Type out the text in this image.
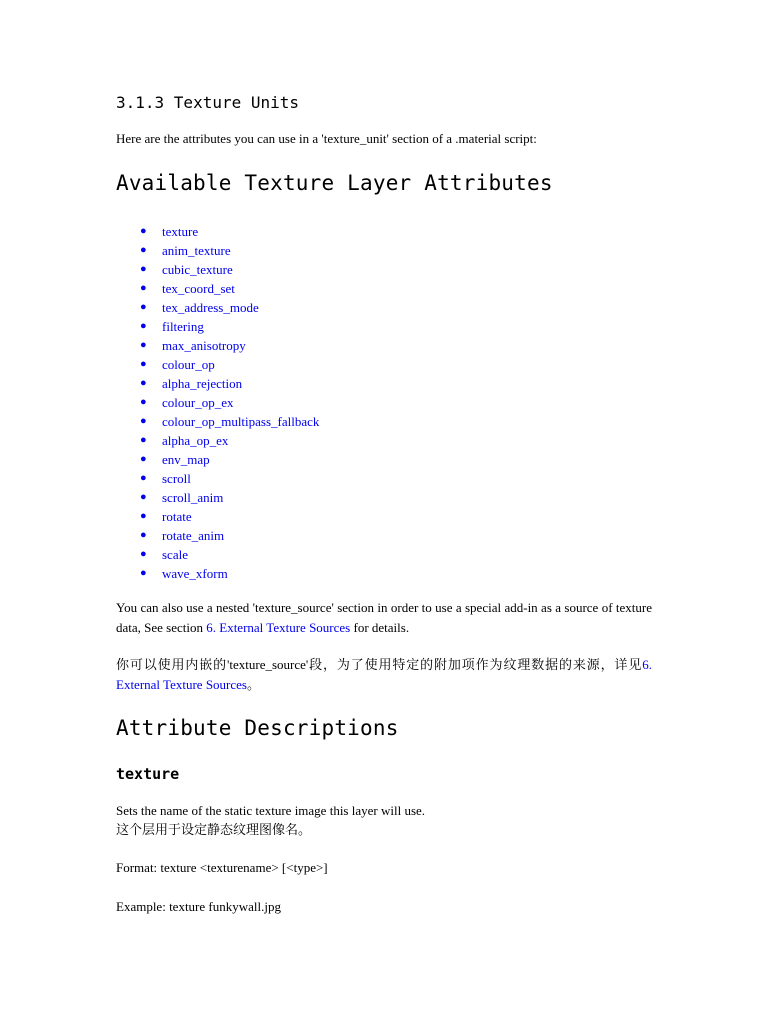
3.1.3 Texture Units

Here are the attributes you can use in a 'texture_unit' section of a .material script:

Available Texture Layer Attributes
● texture
● anim_texture
● cubic_texture
● tex_coord_set
● tex_address_mode
● filtering
● max_anisotropy
● colour_op
● alpha_rejection
● colour_op_ex
● colour_op_multipass_fallback
● alpha_op_ex
● env_map
● scroll
● scroll_anim
● rotate
● rotate_anim
● scale
● wave_xform

You can also use a nested 'texture_source' section in order to use a special add-in as a source of texture data, See section 6. External Texture Sources for details.

你可以使用内嵌的'texture_source'段，为了使用特定的附加项作为纹理数据的来源，详见6. External Texture Sources。

Attribute Descriptions
texture

Sets the name of the static texture image this layer will use.
这个层用于设定静态纹理图像名。

Format: texture <texturename> [<type>]

Example: texture funkywall.jpg
